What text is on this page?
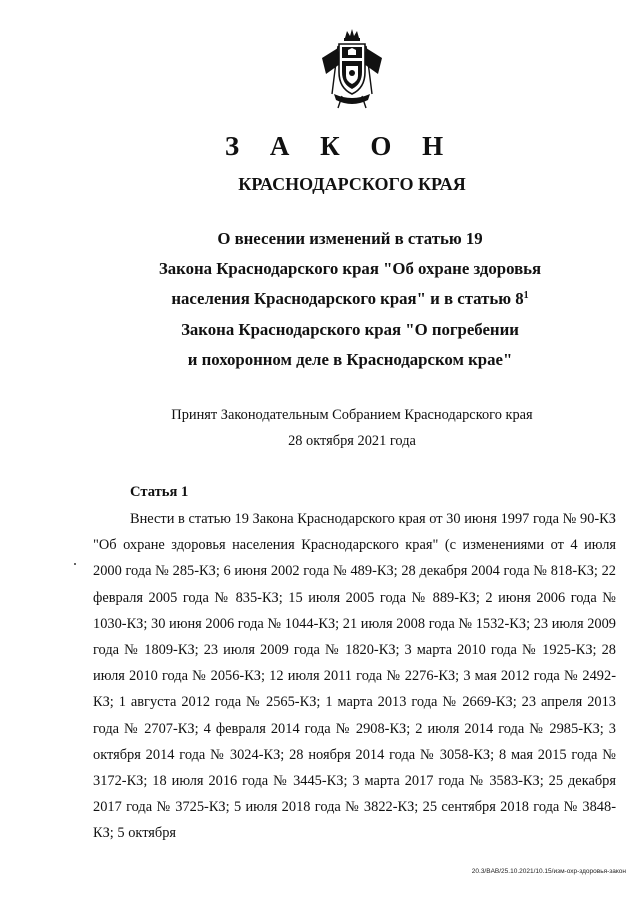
З А К О Н
КРАСНОДАРСКОГО КРАЯ
О внесении изменений в статью 19
Закона Краснодарского края "Об охране здоровья
населения Краснодарского края" и в статью $8^1$
Закона Краснодарского края "О погребении
и похоронном деле в Краснодарском крае"
Принят Законодательным Собранием Краснодарского края
28 октября 2021 года
Статья 1
Внести в статью 19 Закона Краснодарского края от 30 июня 1997 года № 90-КЗ "Об охране здоровья населения Краснодарского края" (с изменениями от 4 июля 2000 года № 285-КЗ; 6 июня 2002 года № 489-КЗ; 28 декабря 2004 года № 818-КЗ; 22 февраля 2005 года № 835-КЗ; 15 июля 2005 года № 889-КЗ; 2 июня 2006 года № 1030-КЗ; 30 июня 2006 года № 1044-КЗ; 21 июля 2008 года № 1532-КЗ; 23 июля 2009 года № 1809-КЗ; 23 июля 2009 года № 1820-КЗ; 3 марта 2010 года № 1925-КЗ; 28 июля 2010 года № 2056-КЗ; 12 июля 2011 года № 2276-КЗ; 3 мая 2012 года № 2492-КЗ; 1 августа 2012 года № 2565-КЗ; 1 марта 2013 года № 2669-КЗ; 23 апреля 2013 года № 2707-КЗ; 4 февраля 2014 года № 2908-КЗ; 2 июля 2014 года № 2985-КЗ; 3 октября 2014 года № 3024-КЗ; 28 ноября 2014 года № 3058-КЗ; 8 мая 2015 года № 3172-КЗ; 18 июля 2016 года № 3445-КЗ; 3 марта 2017 года № 3583-КЗ; 25 декабря 2017 года № 3725-КЗ; 5 июля 2018 года № 3822-КЗ; 25 сентября 2018 года № 3848-КЗ; 5 октября
20.3/BAB/25.10.2021/10.15/изм-охр-здоровья-закон
